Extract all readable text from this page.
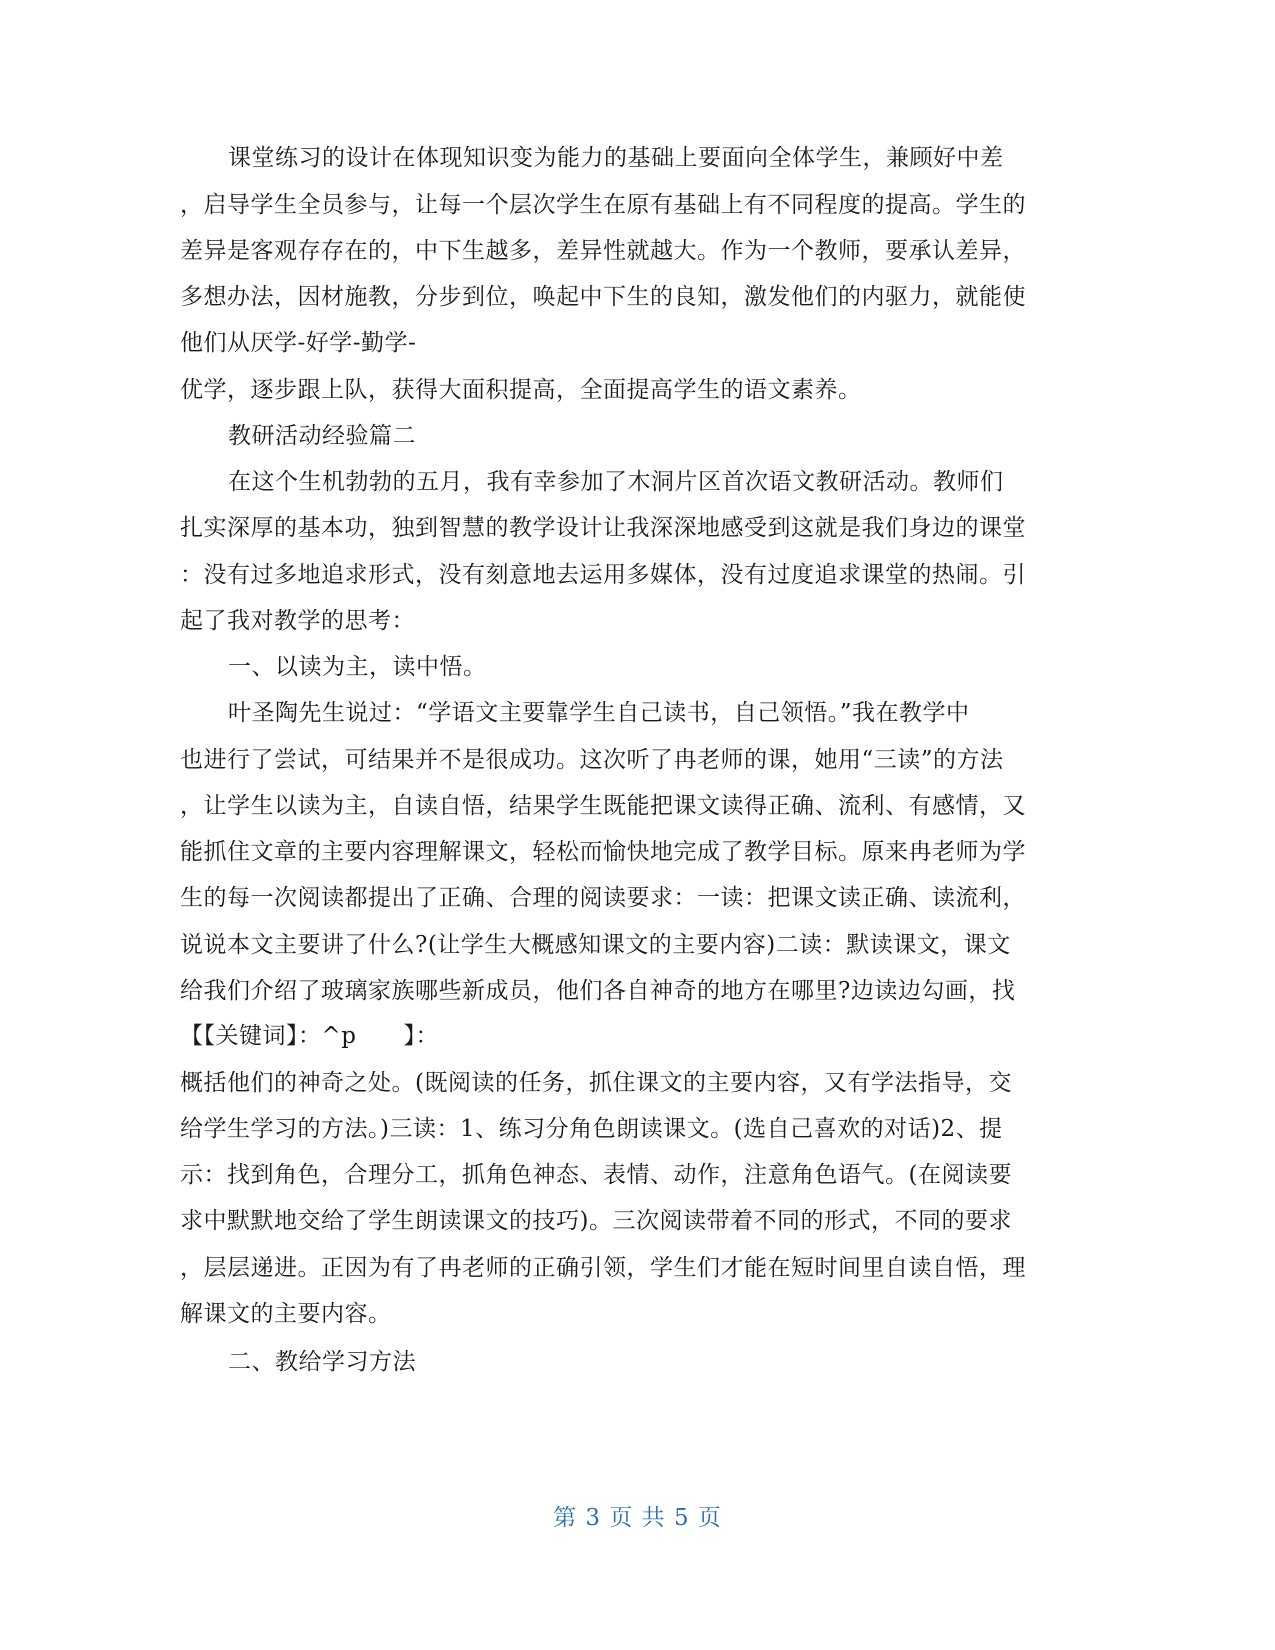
课堂练习的设计在体现知识变为能力的基础上要面向全体学生，兼顾好中差
，启导学生全员参与，让每一个层次学生在原有基础上有不同程度的提高。学生的
差异是客观存存在的，中下生越多，差异性就越大。作为一个教师，要承认差异，
多想办法，因材施教，分步到位，唤起中下生的良知，激发他们的内驱力，就能使
他们从厌学-好学-勤学-
优学，逐步跟上队，获得大面积提高，全面提高学生的语文素养。
教研活动经验篇二
在这个生机勃勃的五月，我有幸参加了木洞片区首次语文教研活动。教师们
扎实深厚的基本功，独到智慧的教学设计让我深深地感受到这就是我们身边的课堂
：没有过多地追求形式，没有刻意地去运用多媒体，没有过度追求课堂的热闹。引
起了我对教学的思考：
一、以读为主，读中悟。
叶圣陶先生说过：“学语文主要靠学生自己读书，自己领悟。”我在教学中
也进行了尝试，可结果并不是很成功。这次听了冉老师的课，她用“三读”的方法
，让学生以读为主，自读自悟，结果学生既能把课文读得正确、流利、有感情，又
能抓住文章的主要内容理解课文，轻松而愉快地完成了教学目标。原来冉老师为学
生的每一次阅读都提出了正确、合理的阅读要求：一读：把课文读正确、读流利，
说说本文主要讲了什么?(让学生大概感知课文的主要内容)二读：默读课文，课文
给我们介绍了玻璃家族哪些新成员，他们各自神奇的地方在哪里?边读边勾画，找
【【关键词】：^p　　】：
概括他们的神奇之处。(既阅读的任务，抓住课文的主要内容，又有学法指导，交
给学生学习的方法。)三读：1、练习分角色朗读课文。(选自己喜欢的对话)2、提
示：找到角色，合理分工，抓角色神态、表情、动作，注意角色语气。(在阅读要
求中默默地交给了学生朗读课文的技巧)。三次阅读带着不同的形式，不同的要求
，层层递进。正因为有了冉老师的正确引领，学生们才能在短时间里自读自悟，理
解课文的主要内容。
二、教给学习方法
第 3 页 共 5 页
